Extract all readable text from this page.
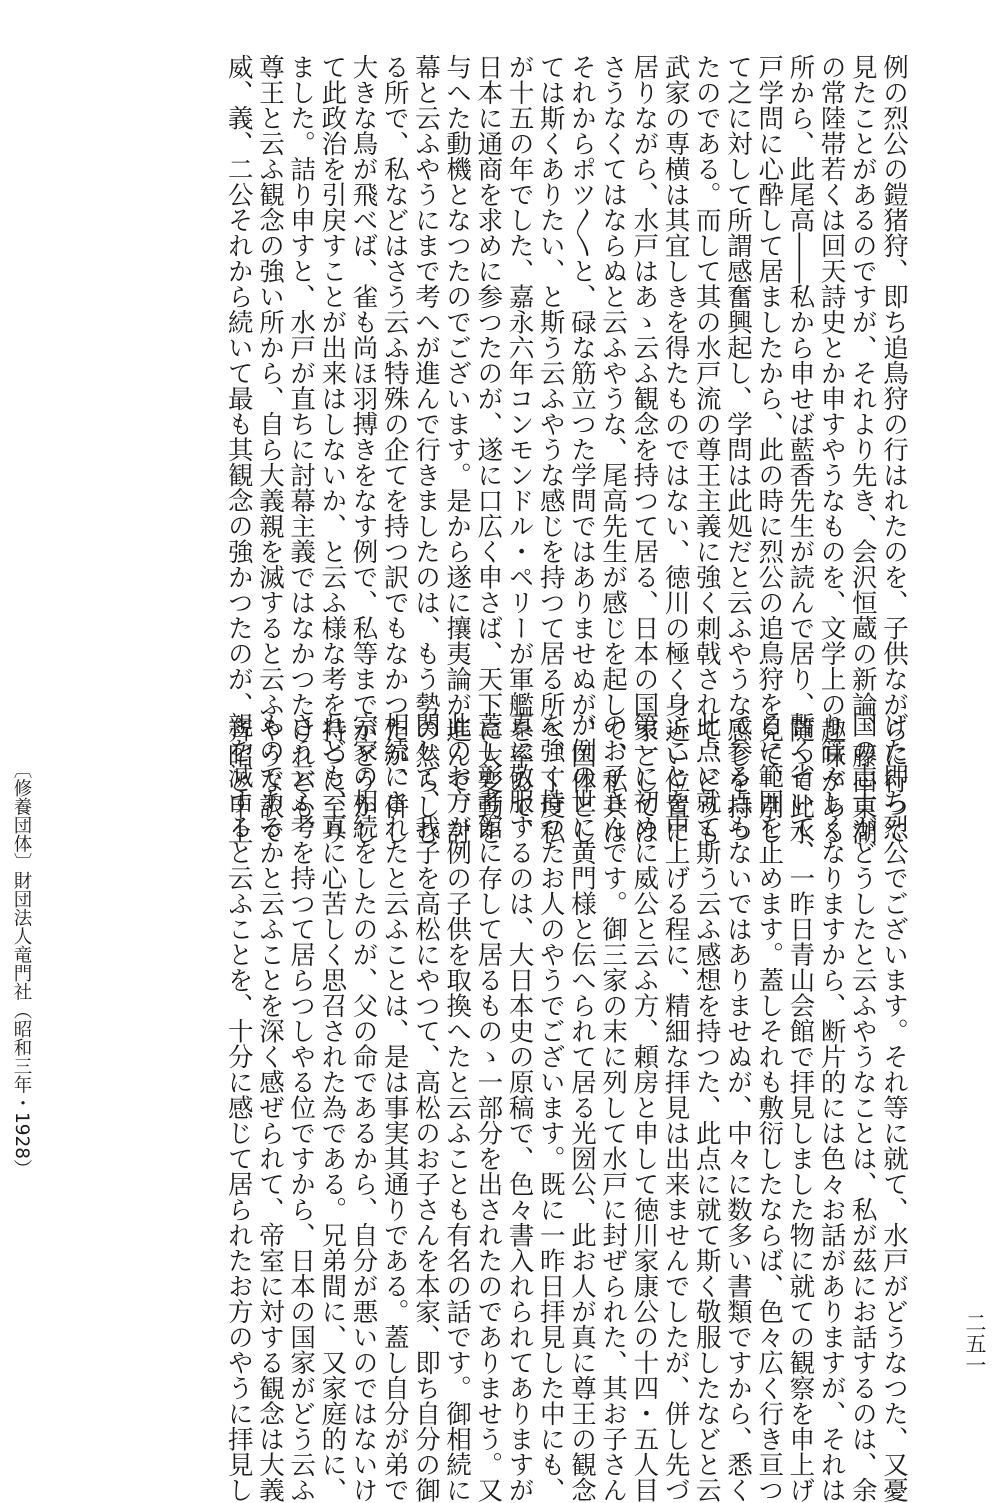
例の烈公の鎧猪狩、即ち追鳥狩の行はれたのを、子供ながらに行つて
見たことがあるのですが、それより先き、会沢恒蔵の新論、藤田東湖
の常陸帯若くは回天詩史とか申すやうなものを、文学上の趣味がある
所から、此尾高――私から申せば藍香先生が読んで居り、随つて此水
戸学問に心酔して居ましたから、此の時に烈公の追鳥狩を見て、別し
て之に対して所謂感奮興起し、学問は此処だと云ふやうな感じを持つ
たのである。而して其の水戸流の尊王主義に強く刺戟されて、どうも
武家の専横は其宜しきを得たものではない、徳川の極く身近い位置に
居りながら、水戸はあゝ云ふ観念を持つて居る、日本の国家としては
さうなくてはならぬと云ふやうな、尾高先生が感じを起して、私共は
それからポツ〳〵と、碌な筋立つた学問ではありませぬが、国体とし
ては斯くありたい、と斯う云ふやうな感じを持つて居る所へ、丁度私
が十五の年でした、嘉永六年コンモンドル・ペリーが軍艦を率ゐて、
日本に通商を求めに参つたのが、遂に口広く申さば、天下に大変動を
与へた動機となつたのでございます。是から遂に攘夷論が進んで、討
幕と云ふやうにまで考へが進んで行きましたのは、もう勢の然らしむ
る所で、私などはさう云ふ特殊の企てを持つ訳でもなかつたが、併し
大きな鳥が飛べば、雀も尚ほ羽搏きをなす例で、私等までがどうかし
て此政治を引戻すことが出来はしないか、と云ふ様な考を持つに至り
ました。詰り申すと、水戸が直ちに討幕主義ではなかつたけれども、
尊王と云ふ観念の強い所から、自ら大義親を滅すると云ふやうな訳で
威、義、二公それから続いて最も其観念の強かつたのが、斉昭と申上
げた即ち烈公でございます。それ等に就て、水戸がどうなつた、又憂
国の志士がどうしたと云ふやうなことは、私が茲にお話するのは、余
り管々しくなりますから、断片的には色々お話がありますが、それは
暫く省いて、一昨日青山会館で拝見しました物に就ての観察を申上げ
るに範囲を止めます。蓋しそれも敷衍したならば、色々広く行き亘つ
て参る点もないではありませぬが、中々に数多い書類ですから、悉く
此点に就て斯う云ふ感想を持つた、此点に就て斯く敬服したなどと云
ふことを申上げる程に、精細な拝見は出来ませんでしたが、併し先づ
第一に初めに威公と云ふ方、頼房と申して徳川家康公の十四・五人目
のお子さんです。御三家の末に列して水戸に封ぜられた、其お子さん
が例の世に黄門様と伝へられて居る光圀公、此お人が真に尊王の観念
を強く持つたお人のやうでございます。既に一昨日拝見した中にも、
真に敬服するのは、大日本史の原稿で、色々書入れられてありますが
蓋し彰考館に存して居るものゝ一部分を出されたのでありませう。又
此のお方が例の子供を取換へたと云ふことも有名の話です。御相続に
関して、我子を高松にやつて、高松のお子さんを本家、即ち自分の御
相続にされたと云ふことは、是は事実其通りである。蓋し自分が弟で
宗家の相続をしたのが、父の命であるから、自分が悪いのではないけ
れども、真に心苦しく思召された為である。兄弟間に、又家庭的に、
さう云ふ考を持つて居らつしやる位ですから、日本の国家がどう云ふ
ものであるかと云ふことを深く感ぜられて、帝室に対する観念は大義
親を滅すると云ふことを、十分に感じて居られたお方のやうに拝見し
〔修養団体〕財団法人竜門社（昭和三年・1928）
二五一
